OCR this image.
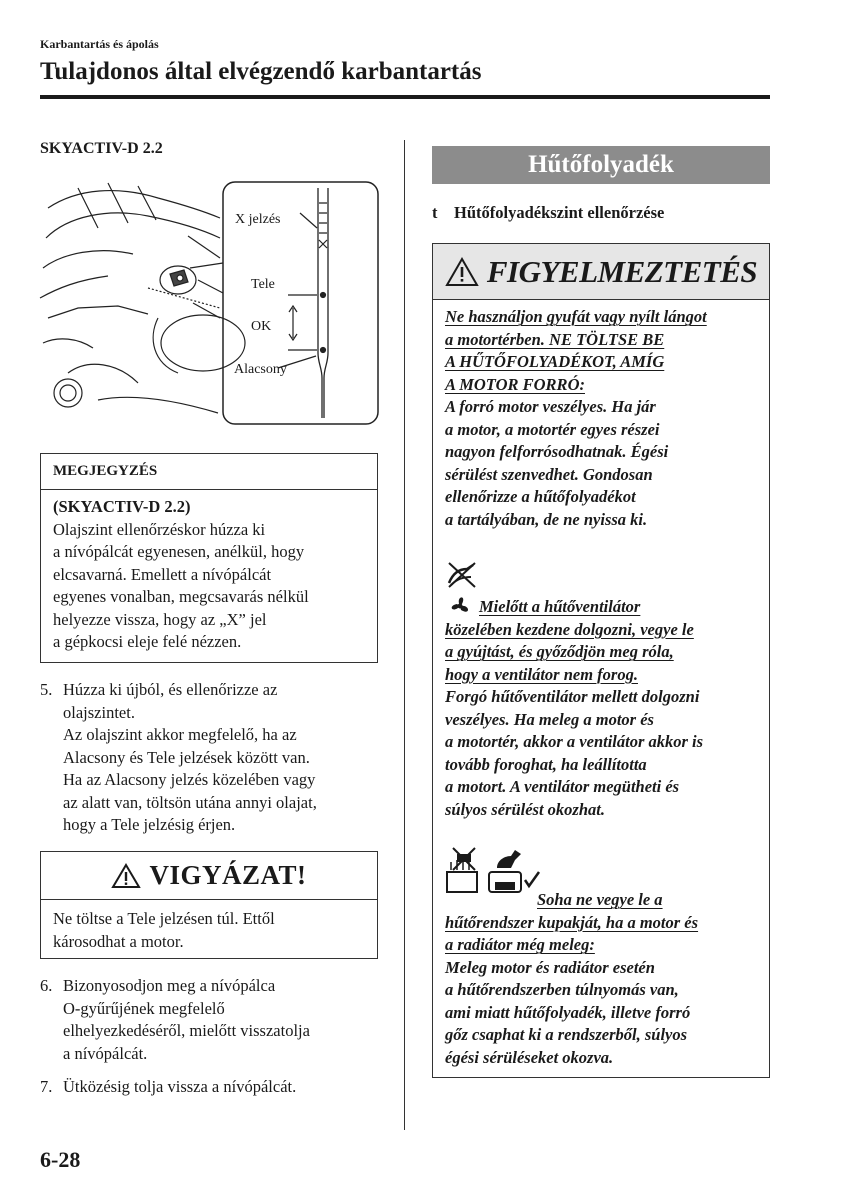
Karbantartás és ápolás
Tulajdonos által elvégzendő karbantartás
SKYACTIV-D 2.2
X jelzés
Tele
OK
Alacsony
MEGJEGYZÉS
(SKYACTIV-D 2.2)
Olajszint ellenőrzéskor húzza ki
a nívópálcát egyenesen, anélkül, hogy
elcsavarná. Emellett a nívópálcát
egyenes vonalban, megcsavarás nélkül
helyezze vissza, hogy az „X” jel
a gépkocsi eleje felé nézzen.
5. Húzza ki újból, és ellenőrizze az
olajszintet.
Az olajszint akkor megfelelő, ha az
Alacsony és Tele jelzések között van.
Ha az Alacsony jelzés közelében vagy
az alatt van, töltsön utána annyi olajat,
hogy a Tele jelzésig érjen.
VIGYÁZAT!
Ne töltse a Tele jelzésen túl. Ettől
károsodhat a motor.
6. Bizonyosodjon meg a nívópálca
O-gyűrűjének megfelelő
elhelyezkedéséről, mielőtt visszatolja
a nívópálcát.
7. Ütközésig tolja vissza a nívópálcát.
Hűtőfolyadék
t Hűtőfolyadékszint ellenőrzése
FIGYELMEZTETÉS
Ne használjon gyufát vagy nyílt lángot
a motortérben. NE TÖLTSE BE
A HŰTŐFOLYADÉKOT, AMÍG
A MOTOR FORRÓ:
A forró motor veszélyes. Ha jár
a motor, a motortér egyes részei
nagyon felforrósodhatnak. Égési
sérülést szenvedhet. Gondosan
ellenőrizze a hűtőfolyadékot
a tartályában, de ne nyissa ki.
Mielőtt a hűtőventilátor
közelében kezdene dolgozni, vegye le
a gyújtást, és győződjön meg róla,
hogy a ventilátor nem forog.
Forgó hűtőventilátor mellett dolgozni
veszélyes. Ha meleg a motor és
a motortér, akkor a ventilátor akkor is
tovább foroghat, ha leállította
a motort. A ventilátor megütheti és
súlyos sérülést okozhat.
Soha ne vegye le a
hűtőrendszer kupakját, ha a motor és
a radiátor még meleg:
Meleg motor és radiátor esetén
a hűtőrendszerben túlnyomás van,
ami miatt hűtőfolyadék, illetve forró
gőz csaphat ki a rendszerből, súlyos
égési sérüléseket okozva.
6-28
